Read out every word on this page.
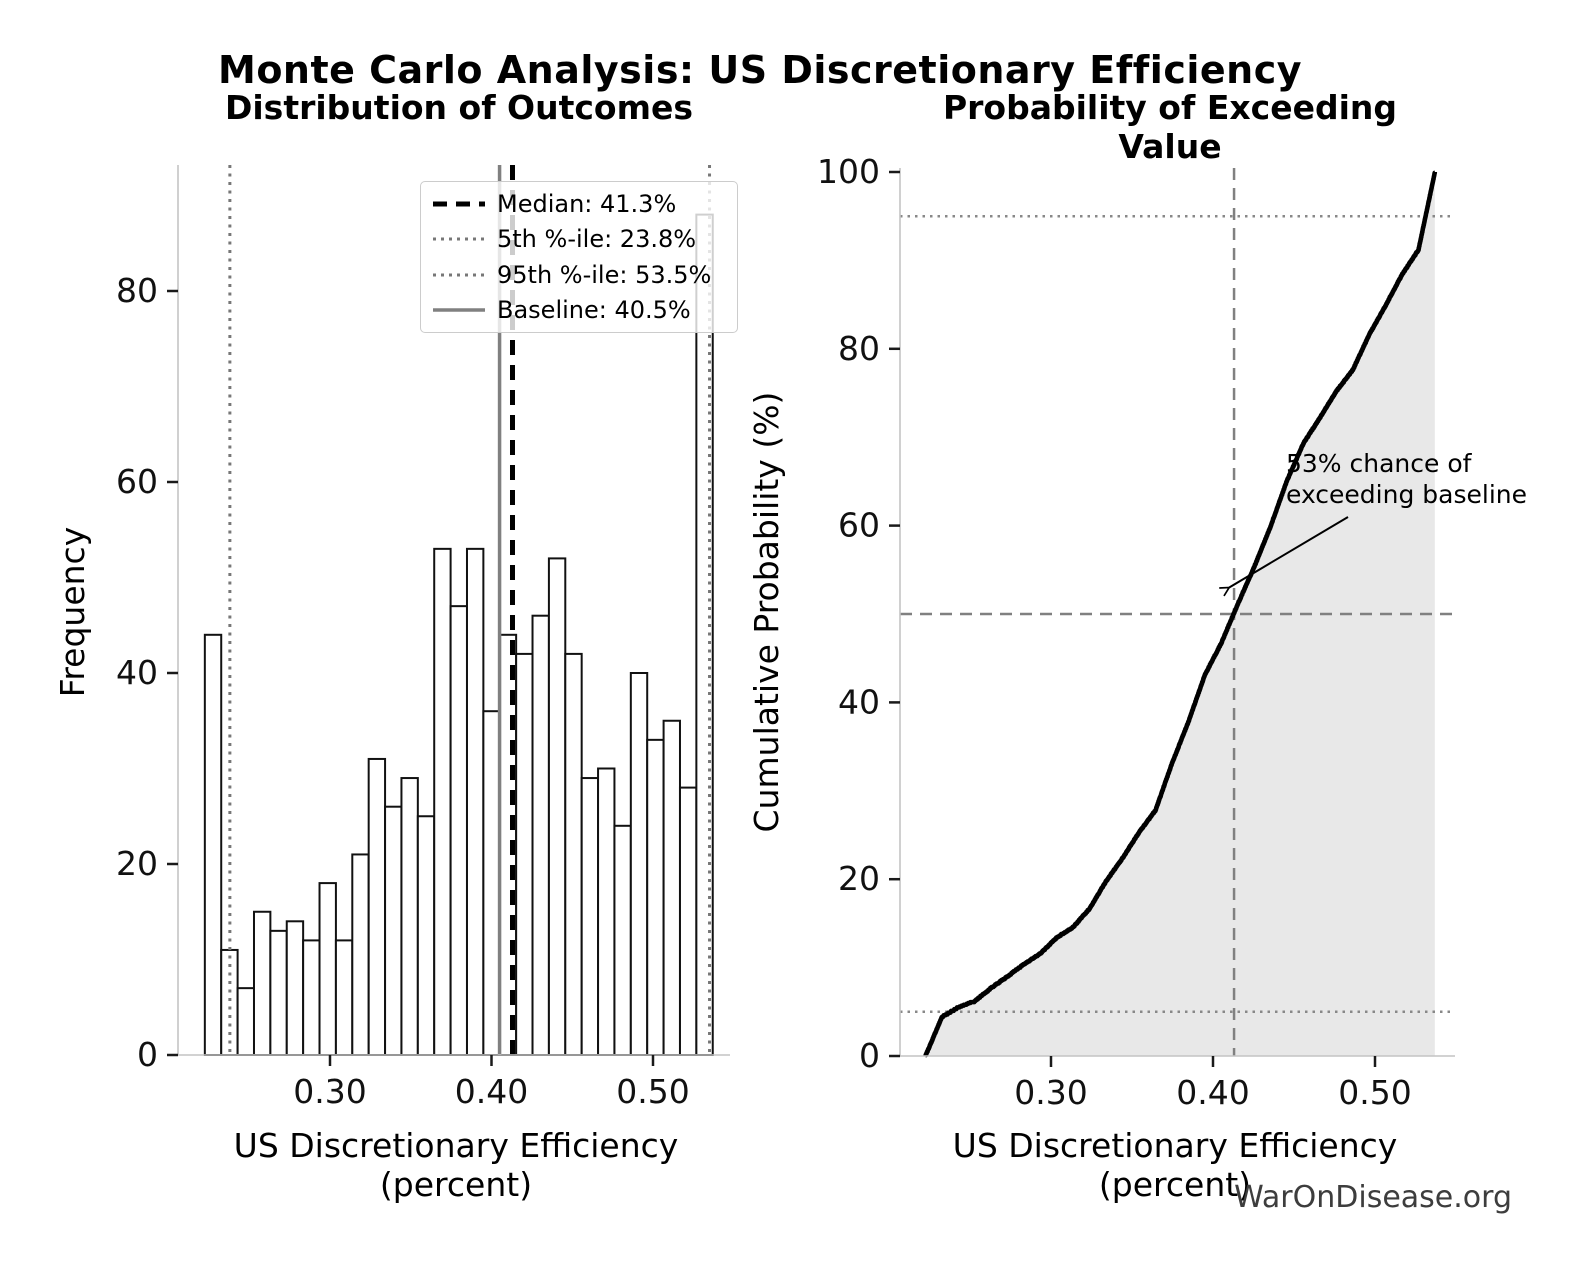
0.30	0.40	0.50
0
20
40
60
80
0.30	0.40	0.50
0
20
40
60
80
100
Monte Carlo Analysis: US Discretionary Efficiency
Distribution of Outcomes	Probability of Exceeding Value
US Discretionary Efficiency (percent)
US Discretionary Efficiency (percent)
Frequency	Cumulative Probability (%)
Median: 41.3%
5th %-ile: 23.8%
95th %-ile: 53.5%
Baseline: 40.5%
53% chance of
exceeding baseline
WarOnDisease.org
